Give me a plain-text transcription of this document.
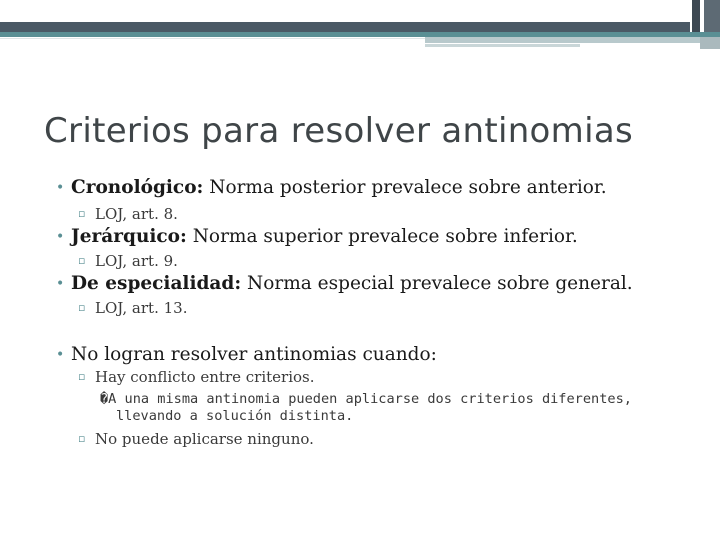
Criterios para resolver antinomias
• Cronológico: Norma posterior prevalece sobre anterior.
▫ LOJ, art. 8.
• Jerárquico: Norma superior prevalece sobre inferior.
▫ LOJ, art. 9.
• De especialidad: Norma especial prevalece sobre general.
▫ LOJ, art. 13.
• No logran resolver antinomias cuando:
▫ Hay conflicto entre criterios.
�A una misma antinomia pueden aplicarse dos criterios diferentes,
llevando a solución distinta.
▫ No puede aplicarse ninguno.
